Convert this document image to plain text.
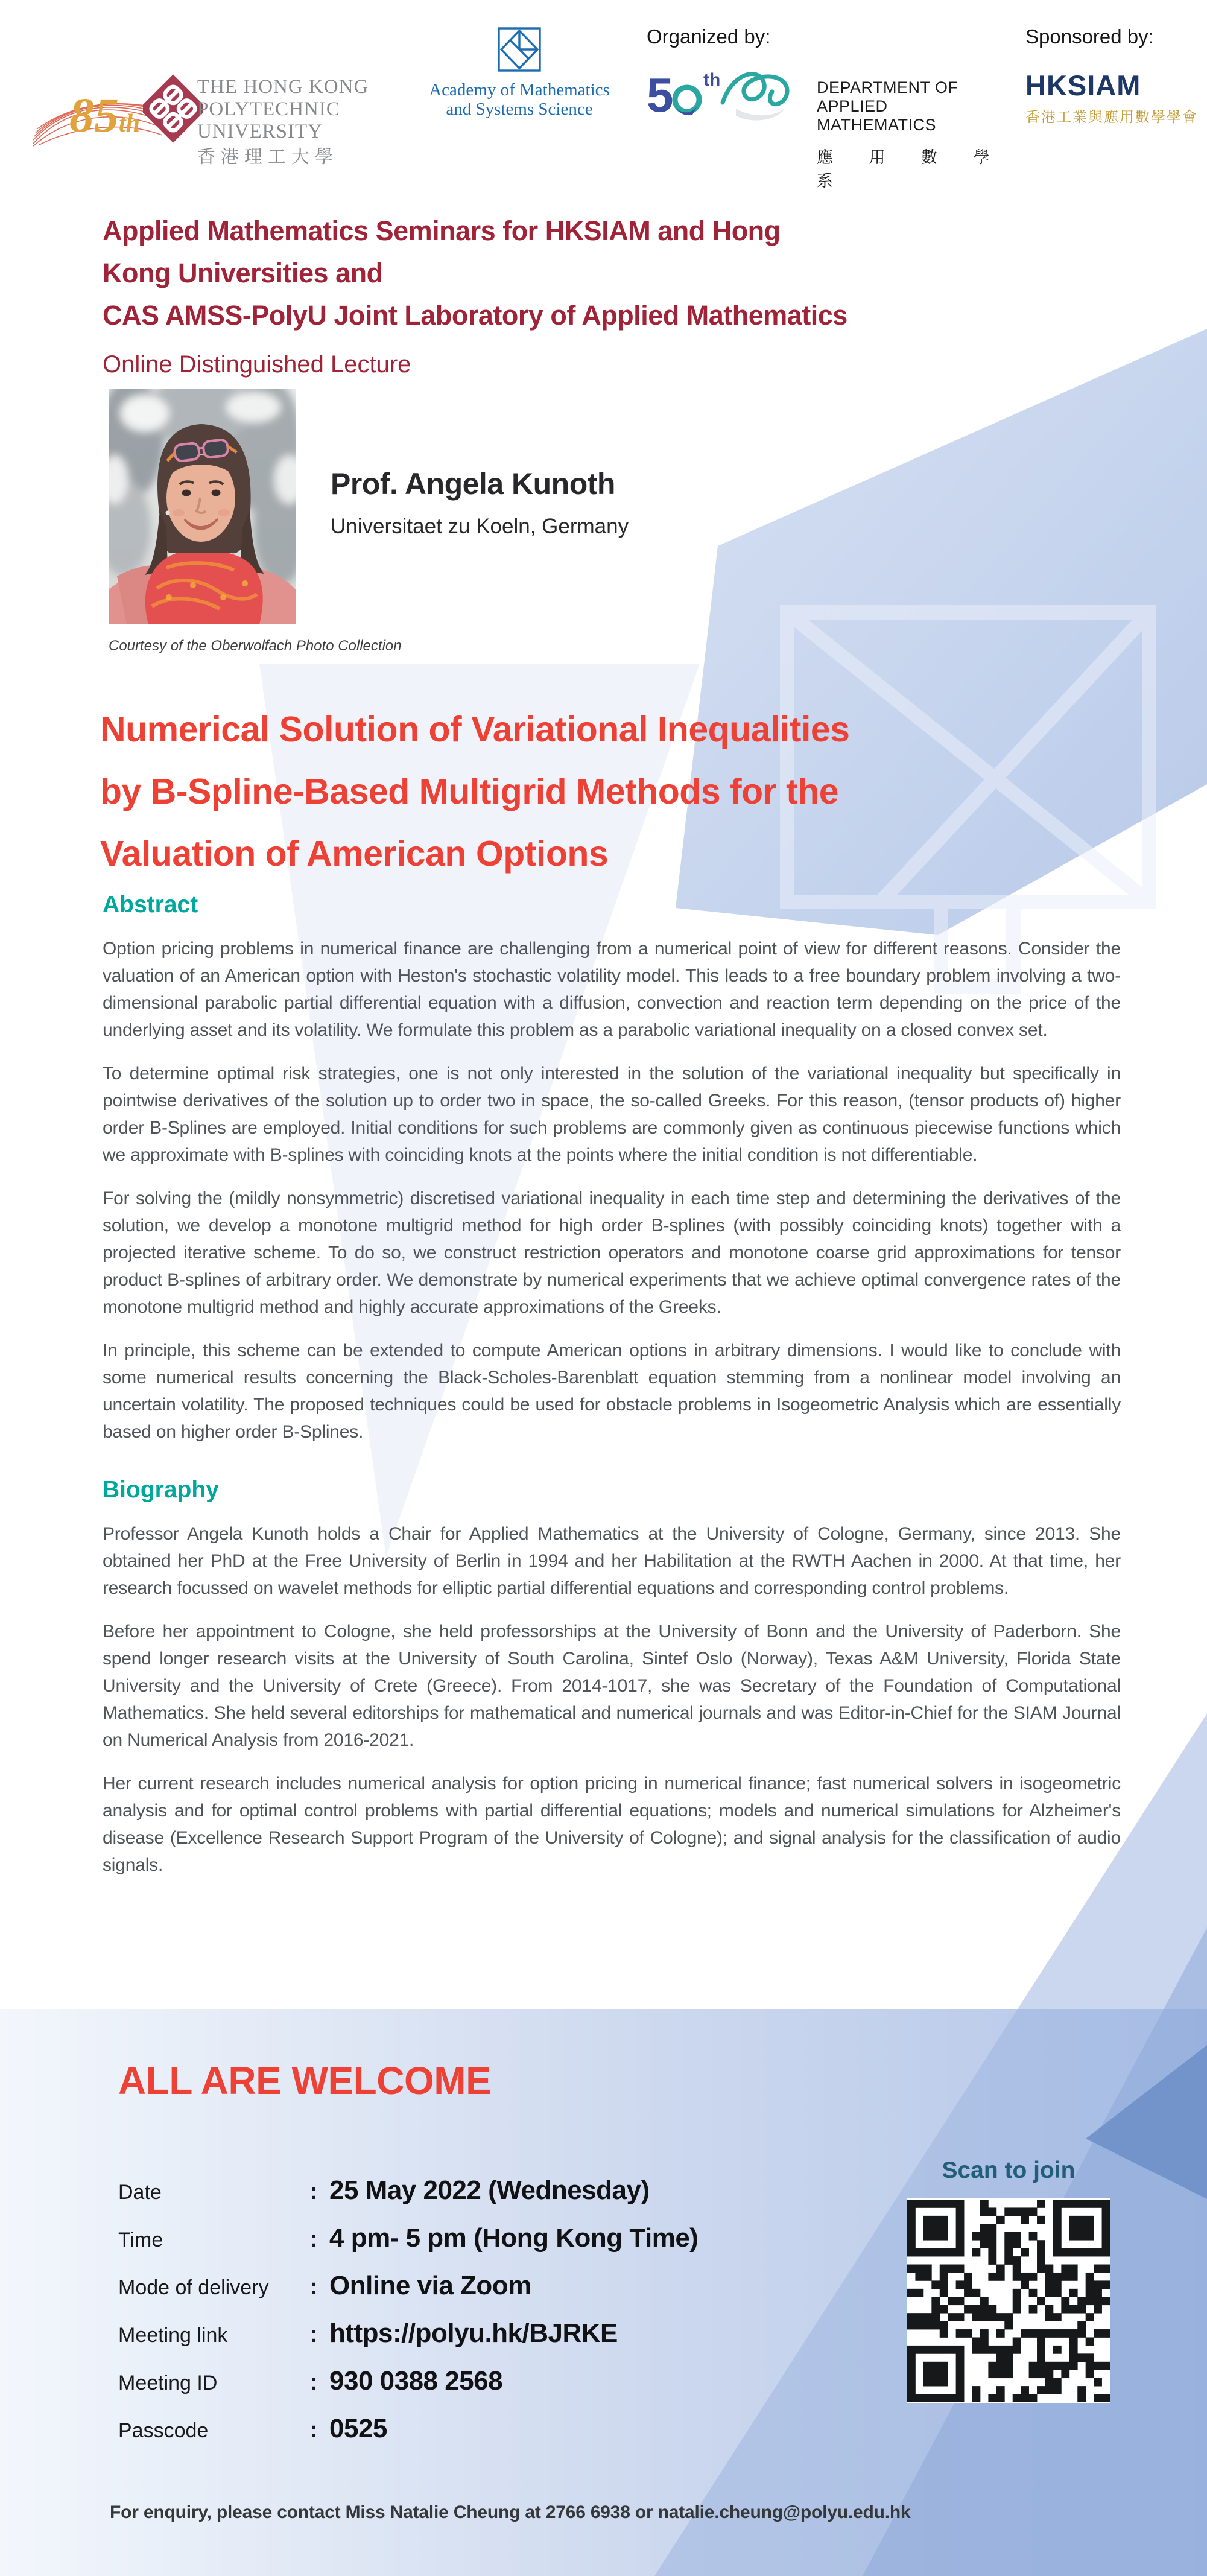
85th
THE HONG KONG
POLYTECHNIC UNIVERSITY
香港理工大學
Academy of Mathematics
and Systems Science
Organized by:
5 th	DEPARTMENT OF APPLIED MATHEMATICS
應 用 數 學 系
Sponsored by:
HKSIAM
香港工業與應用數學學會
Applied Mathematics Seminars for HKSIAM and Hong
Kong Universities and
CAS AMSS-PolyU Joint Laboratory of Applied Mathematics
Online Distinguished Lecture
Courtesy of the Oberwolfach Photo Collection
Prof. Angela Kunoth
Universitaet zu Koeln, Germany
Numerical Solution of Variational Inequalities
by B-Spline-Based Multigrid Methods for the
Valuation of American Options
Abstract

Option pricing problems in numerical finance are challenging from a numerical point of view for different reasons. Consider the valuation of an American option with Heston's stochastic volatility model. This leads to a free boundary problem involving a two-dimensional parabolic partial differential equation with a diffusion, convection and reaction term depending on the price of the underlying asset and its volatility. We formulate this problem as a parabolic variational inequality on a closed convex set.

To determine optimal risk strategies, one is not only interested in the solution of the variational inequality but specifically in pointwise derivatives of the solution up to order two in space, the so-called Greeks. For this reason, (tensor products of) higher order B-Splines are employed. Initial conditions for such problems are commonly given as continuous piecewise functions which we approximate with B-splines with coinciding knots at the points where the initial condition is not differentiable.

For solving the (mildly nonsymmetric) discretised variational inequality in each time step and determining the derivatives of the solution, we develop a monotone multigrid method for high order B-splines (with possibly coinciding knots) together with a projected iterative scheme. To do so, we construct restriction operators and monotone coarse grid approximations for tensor product B-splines of arbitrary order. We demonstrate by numerical experiments that we achieve optimal convergence rates of the monotone multigrid method and highly accurate approximations of the Greeks.

In principle, this scheme can be extended to compute American options in arbitrary dimensions. I would like to conclude with some numerical results concerning the Black-Scholes-Barenblatt equation stemming from a nonlinear model involving an uncertain volatility. The proposed techniques could be used for obstacle problems in Isogeometric Analysis which are essentially based on higher order B-Splines.

Biography

Professor Angela Kunoth holds a Chair for Applied Mathematics at the University of Cologne, Germany, since 2013. She obtained her PhD at the Free University of Berlin in 1994 and her Habilitation at the RWTH Aachen in 2000. At that time, her research focussed on wavelet methods for elliptic partial differential equations and corresponding control problems.

Before her appointment to Cologne, she held professorships at the University of Bonn and the University of Paderborn. She spend longer research visits at the University of South Carolina, Sintef Oslo (Norway), Texas A&M University, Florida State University and the University of Crete (Greece). From 2014-1017, she was Secretary of the Foundation of Computational Mathematics. She held several editorships for mathematical and numerical journals and was Editor-in-Chief for the SIAM Journal on Numerical Analysis from 2016-2021.

Her current research includes numerical analysis for option pricing in numerical finance; fast numerical solvers in isogeometric analysis and for optimal control problems with partial differential equations; models and numerical simulations for Alzheimer's disease (Excellence Research Support Program of the University of Cologne); and signal analysis for the classification of audio signals.

ALL ARE WELCOME
Date	: 25 May 2022 (Wednesday)
Time	: 4 pm- 5 pm (Hong Kong Time)
Mode of delivery	: Online via Zoom
Meeting link	: https://polyu.hk/BJRKE
Meeting ID	: 930 0388 2568
Passcode	: 0525
Scan to join
For enquiry, please contact Miss Natalie Cheung at 2766 6938 or natalie.cheung@polyu.edu.hk
